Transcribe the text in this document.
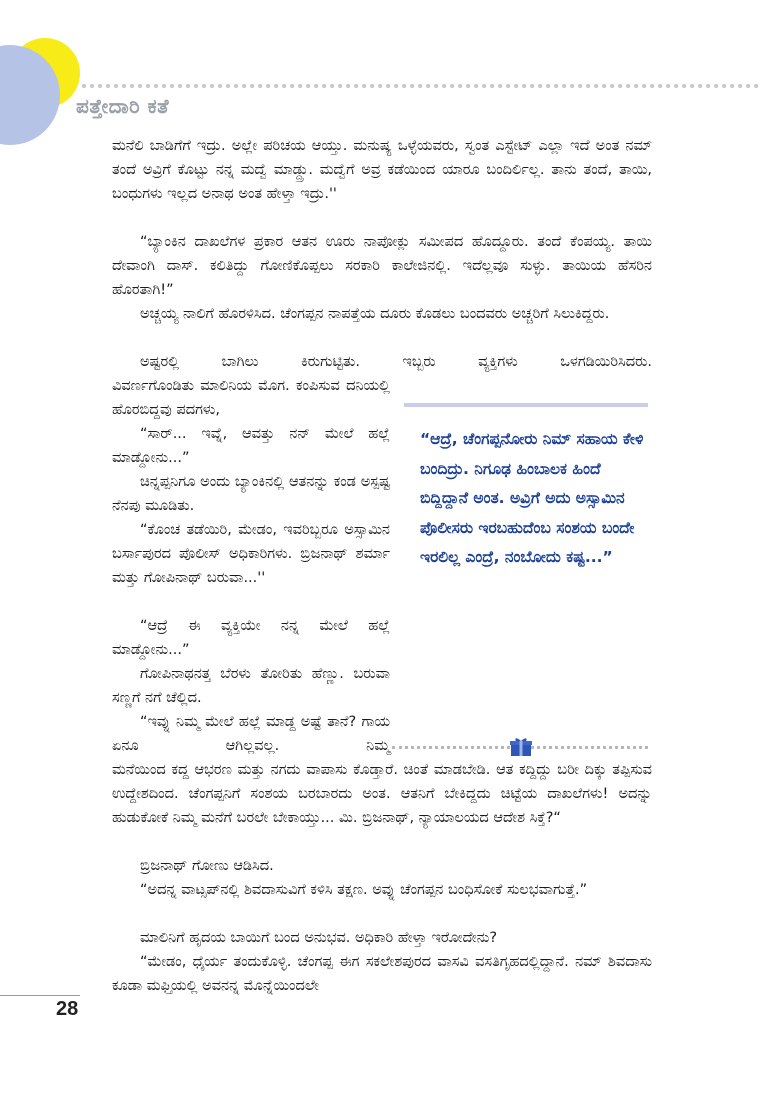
ಪತ್ತೇದಾರಿ ಕತೆ

ಮನೆಲಿ ಬಾಡಿಗೆಗೆ ಇದ್ರು. ಅಲ್ಲೇ ಪರಿಚಯ ಆಯ್ತು. ಮನುಷ್ಯ ಒಳ್ಳೆಯವರು, ಸ್ವಂತ ಎಸ್ಟೇಟ್ ಎಲ್ಲಾ ಇದೆ ಅಂತ ನಮ್ ತಂದೆ ಅವ್ರಿಗೆ ಕೊಟ್ಟು ನನ್ನ ಮದ್ವೆ ಮಾಡ್ದ್ರು. ಮದ್ವೆಗೆ ಅವ್ರ ಕಡೆಯಿಂದ ಯಾರೂ ಬಂದಿರ್ಲಿಲ್ಲ. ತಾನು ತಂದೆ, ತಾಯಿ, ಬಂಧುಗಳು ಇಲ್ಲದ ಅನಾಥ ಅಂತ ಹೇಳ್ತಾ ಇದ್ರು.''

“ಬ್ಯಾಂಕಿನ ದಾಖಲೆಗಳ ಪ್ರಕಾರ ಆತನ ಊರು ನಾಪೋಕ್ಲು ಸಮೀಪದ ಹೊದ್ದೂರು. ತಂದೆ ಕೆಂಪಯ್ಯ. ತಾಯಿ ದೇವಾಂಗಿ ದಾಸ್. ಕಲಿತಿದ್ದು ಗೋಣಿಕೊಪ್ಪಲು ಸರಕಾರಿ ಕಾಲೇಜಿನಲ್ಲಿ. ಇದೆಲ್ಲವೂ ಸುಳ್ಳು. ತಾಯಿಯ ಹೆಸರಿನ ಹೊರತಾಗಿ!”

ಅಚ್ಚಯ್ಯ ನಾಲಿಗೆ ಹೊರಳಿಸಿದ. ಚೆಂಗಪ್ಪನ ನಾಪತ್ತೆಯ ದೂರು ಕೊಡಲು ಬಂದವರು ಅಚ್ಚರಿಗೆ ಸಿಲುಕಿದ್ದರು.

ಅಷ್ಟರಲ್ಲಿ ಬಾಗಿಲು ಕಿರುಗುಟ್ಟಿತು. ಇಬ್ಬರು ವ್ಯಕ್ತಿಗಳು ಒಳಗಡಿಯಿರಿಸಿದರು.

ವಿವರ್ಣಗೊಂಡಿತು ಮಾಲಿನಿಯ ಮೊಗ. ಕಂಪಿಸುವ ದನಿಯಲ್ಲಿ ಹೊರಬಿದ್ದವು ಪದಗಳು,

“ಸಾರ್... ಇವ್ನೆ, ಆವತ್ತು ನನ್ ಮೇಲೆ ಹಲ್ಲೆ ಮಾಡ್ದೋನು...”

ಚಿನ್ನಪ್ಪನಿಗೂ ಅಂದು ಬ್ಯಾಂಕಿನಲ್ಲಿ ಆತನನ್ನು ಕಂಡ ಅಸ್ಪಷ್ಟ ನೆನಪು ಮೂಡಿತು.

“ಕೊಂಚ ತಡೆಯಿರಿ, ಮೇಡಂ, ಇವರಿಬ್ಬರೂ ಅಸ್ಸಾಮಿನ ಬರ್ಸಾಪುರದ ಪೊಲೀಸ್ ಅಧಿಕಾರಿಗಳು. ಬ್ರಿಜನಾಥ್ ಶರ್ಮಾ ಮತ್ತು ಗೋಪಿನಾಥ್ ಬರುವಾ...''

“ಆದ್ರೆ ಈ ವ್ಯಕ್ತಿಯೇ ನನ್ನ ಮೇಲೆ ಹಲ್ಲೆ ಮಾಡ್ದೋನು...”

ಗೋಪಿನಾಥನತ್ತ ಬೆರಳು ತೋರಿತು ಹೆಣ್ಣು. ಬರುವಾ ಸಣ್ಣಗೆ ನಗೆ ಚೆಲ್ಲಿದ.

“ಇವ್ನು ನಿಮ್ಮ ಮೇಲೆ ಹಲ್ಲೆ ಮಾಡ್ದ ಅಷ್ಟೆ ತಾನೆ? ಗಾಯ ಏನೂ ಆಗಿಲ್ಲವಲ್ಲ. ನಿಮ್ಮ

ಮನೆಯಿಂದ ಕದ್ದ ಆಭರಣ ಮತ್ತು ನಗದು ವಾಪಾಸು ಕೊಡ್ತಾರೆ. ಚಿಂತೆ ಮಾಡಬೇಡಿ. ಆತ ಕದ್ದಿದ್ದು ಬರೀ ದಿಕ್ಕು ತಪ್ಪಿಸುವ ಉದ್ದೇಶದಿಂದ. ಚೆಂಗಪ್ಪನಿಗೆ ಸಂಶಯ ಬರಬಾರದು ಅಂತ. ಆತನಿಗೆ ಬೇಕಿದ್ದದು ಚಿಟ್ಟೆಯ ದಾಖಲೆಗಳು! ಅದನ್ನು ಹುಡುಕೋಕೆ ನಿಮ್ಮ ಮನೆಗೆ ಬರಲೇ ಬೇಕಾಯ್ತು... ಮಿ. ಬ್ರಿಜನಾಥ್, ನ್ಯಾಯಾಲಯದ ಆದೇಶ ಸಿಕ್ತೆ?“

ಬ್ರಿಜನಾಥ್ ಗೋಣು ಆಡಿಸಿದ.

“ಅದನ್ನ ವಾಟ್ಸಪ್‌ನಲ್ಲಿ ಶಿವದಾಸುವಿಗೆ ಕಳಿಸಿ ತಕ್ಷಣ. ಅವ್ನು ಚೆಂಗಪ್ಪನ ಬಂಧಿಸೋಕೆ ಸುಲಭವಾಗುತ್ತೆ.”

ಮಾಲಿನಿಗೆ ಹೃದಯ ಬಾಯಿಗೆ ಬಂದ ಅನುಭವ. ಅಧಿಕಾರಿ ಹೇಳ್ತಾ ಇರೋದೇನು?

“ಮೇಡಂ, ಧೈರ್ಯ ತಂದುಕೊಳ್ಳಿ. ಚೆಂಗಪ್ಪ ಈಗ ಸಕಲೇಶಪುರದ ವಾಸವಿ ವಸತಿಗೃಹದಲ್ಲಿದ್ದಾನೆ. ನಮ್ ಶಿವದಾಸು ಕೂಡಾ ಮಫ್ತಿಯಲ್ಲಿ ಅವನನ್ನ ಮೊನ್ನೆಯಿಂದಲೇ

“ಆದ್ರೆ, ಚೆಂಗಪ್ಪನೋರು ನಿಮ್ ಸಹಾಯ ಕೇಳಿ ಬಂದಿದ್ರು. ನಿಗೂಢ ಹಿಂಬಾಲಕ ಹಿಂದೆ ಬಿದ್ದಿದ್ದಾನೆ ಅಂತ. ಅವ್ರಿಗೆ ಅದು ಅಸ್ಸಾಮಿನ ಪೊಲೀಸರು ಇರಬಹುದೆಂಬ ಸಂಶಯ ಬಂದೇ ಇರಲಿಲ್ಲ ಎಂದ್ರೆ, ನಂಬೋದು ಕಷ್ಟ...”

28
